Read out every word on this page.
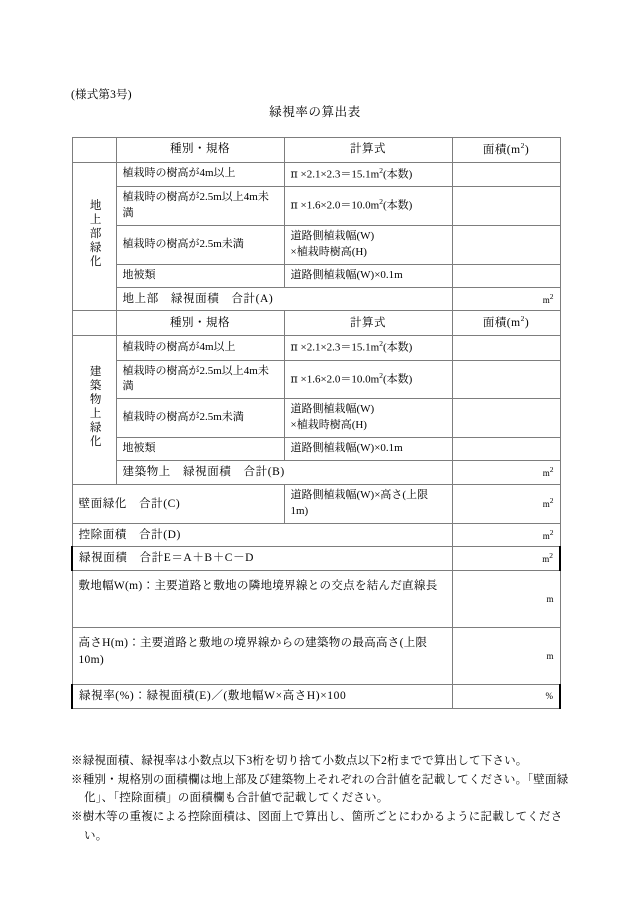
(様式第3号)
緑視率の算出表
	種別・規格	計算式	面積$(m^2)$
地上部緑化	植栽時の樹高が4m以上	$\pi \times 2.1\times 2.3=15.1m^2$(本数)	
	植栽時の樹高が2.5m以上4m未満	$\pi \times 1.6\times 2.0=10.0m^2$(本数)	
	植栽時の樹高が2.5m未満	道路側植栽幅(W)
×植栽時樹高(H)	
	地被類	道路側植栽幅(W)×0.1m	
	地上部　緑視面積　合計(A)		$m^2$
	種別・規格	計算式	面積$(m^2)$
建築物上緑化	植栽時の樹高が4m以上	$\pi \times 2.1\times 2.3=15.1m^2$(本数)	
	植栽時の樹高が2.5m以上4m未満	$\pi \times 1.6\times 2.0=10.0m^2$(本数)	
	植栽時の樹高が2.5m未満	道路側植栽幅(W)
×植栽時樹高(H)	
	地被類	道路側植栽幅(W)×0.1m	
	建築物上　緑視面積　合計(B)		$m^2$
壁面緑化　合計(C)		道路側植栽幅(W)×高さ(上限1m)	$m^2$
控除面積　合計(D)			$m^2$
緑視面積　合計E＝A＋B＋C－D			$m^2$
敷地幅W(m)：主要道路と敷地の隣地境界線との交点を結んだ直線長			m
高さH(m)：主要道路と敷地の境界線からの建築物の最高高さ(上限10m)			m
緑視率(%)：緑視面積(E)／(敷地幅W×高さH)×100			%

※緑視面積、緑視率は小数点以下3桁を切り捨て小数点以下2桁までで算出して下さい。

※種別・規格別の面積欄は地上部及び建築物上それぞれの合計値を記載してください。「壁面緑化」、「控除面積」の面積欄も合計値で記載してください。

※樹木等の重複による控除面積は、図面上で算出し、箇所ごとにわかるように記載してください。
